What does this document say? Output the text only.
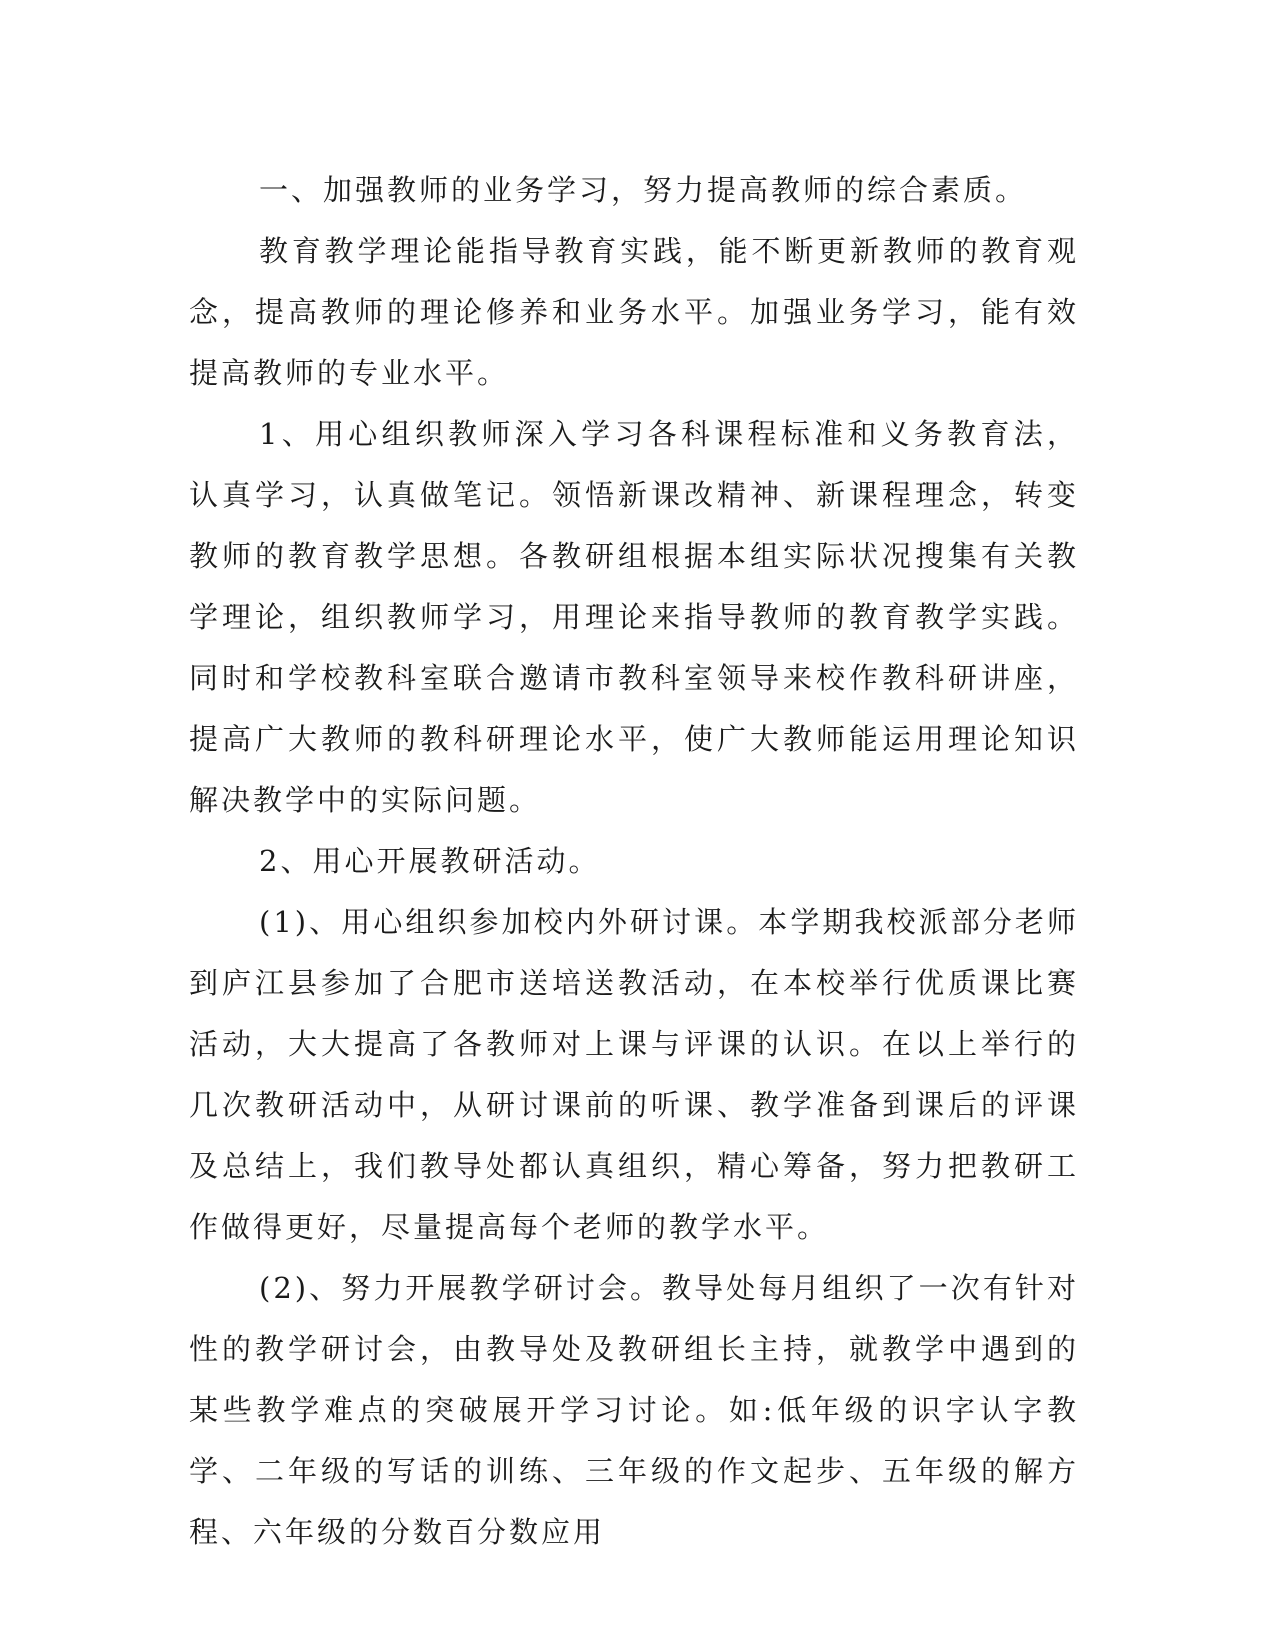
一、加强教师的业务学习，努力提高教师的综合素质。

教育教学理论能指导教育实践，能不断更新教师的教育观念，提高教师的理论修养和业务水平。加强业务学习，能有效提高教师的专业水平。

1、用心组织教师深入学习各科课程标准和义务教育法，认真学习，认真做笔记。领悟新课改精神、新课程理念，转变教师的教育教学思想。各教研组根据本组实际状况搜集有关教学理论，组织教师学习，用理论来指导教师的教育教学实践。同时和学校教科室联合邀请市教科室领导来校作教科研讲座，提高广大教师的教科研理论水平，使广大教师能运用理论知识解决教学中的实际问题。

2、用心开展教研活动。

(1)、用心组织参加校内外研讨课。本学期我校派部分老师到庐江县参加了合肥市送培送教活动，在本校举行优质课比赛活动，大大提高了各教师对上课与评课的认识。在以上举行的几次教研活动中，从研讨课前的听课、教学准备到课后的评课及总结上，我们教导处都认真组织，精心筹备，努力把教研工作做得更好，尽量提高每个老师的教学水平。

(2)、努力开展教学研讨会。教导处每月组织了一次有针对性的教学研讨会，由教导处及教研组长主持，就教学中遇到的某些教学难点的突破展开学习讨论。如:低年级的识字认字教学、二年级的写话的训练、三年级的作文起步、五年级的解方程、六年级的分数百分数应用
